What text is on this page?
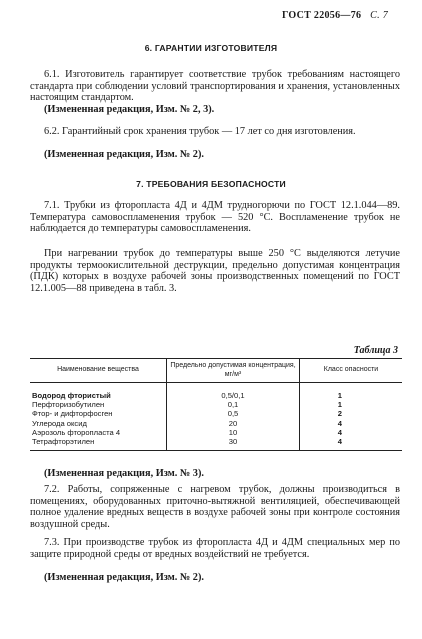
ГОСТ 22056—76 С. 7
6. ГАРАНТИИ ИЗГОТОВИТЕЛЯ
6.1. Изготовитель гарантирует соответствие трубок требованиям настоящего стандарта при соблюдении условий транспортирования и хранения, установленных настоящим стандартом.
(Измененная редакция, Изм. № 2, 3).
6.2. Гарантийный срок хранения трубок — 17 лет со дня изготовления.
(Измененная редакция, Изм. № 2).
7. ТРЕБОВАНИЯ БЕЗОПАСНОСТИ
7.1. Трубки из фторопласта 4Д и 4ДМ трудногорючи по ГОСТ 12.1.044—89. Температура самовоспламенения трубок — 520 °С. Воспламенение трубок не наблюдается до температуры самовоспламенения.
При нагревании трубок до температуры выше 250 °С выделяются летучие продукты термоокислительной деструкции, предельно допустимая концентрация (ПДК) которых в воздухе рабочей зоны производственных помещений по ГОСТ 12.1.005—88 приведена в табл. 3.
Таблица 3
Наименование вещества	Предельно допустимая концентрация, мг/м³	Класс опасности
Водород фтористый	0,5/0,1	1
Перфторизобутилен	0,1	1
Фтор- и дифторфосген	0,5	2
Углерода оксид	20	4
Аэрозоль фторопласта 4	10	4
Тетрафторэтилен	30	4
(Измененная редакция, Изм. № 3).
7.2. Работы, сопряженные с нагревом трубок, должны производиться в помещениях, оборудованных приточно-вытяжной вентиляцией, обеспечивающей полное удаление вредных веществ в воздухе рабочей зоны при контроле состояния воздушной среды.
7.3. При производстве трубок из фторопласта 4Д и 4ДМ специальных мер по защите природной среды от вредных воздействий не требуется.
(Измененная редакция, Изм. № 2).
